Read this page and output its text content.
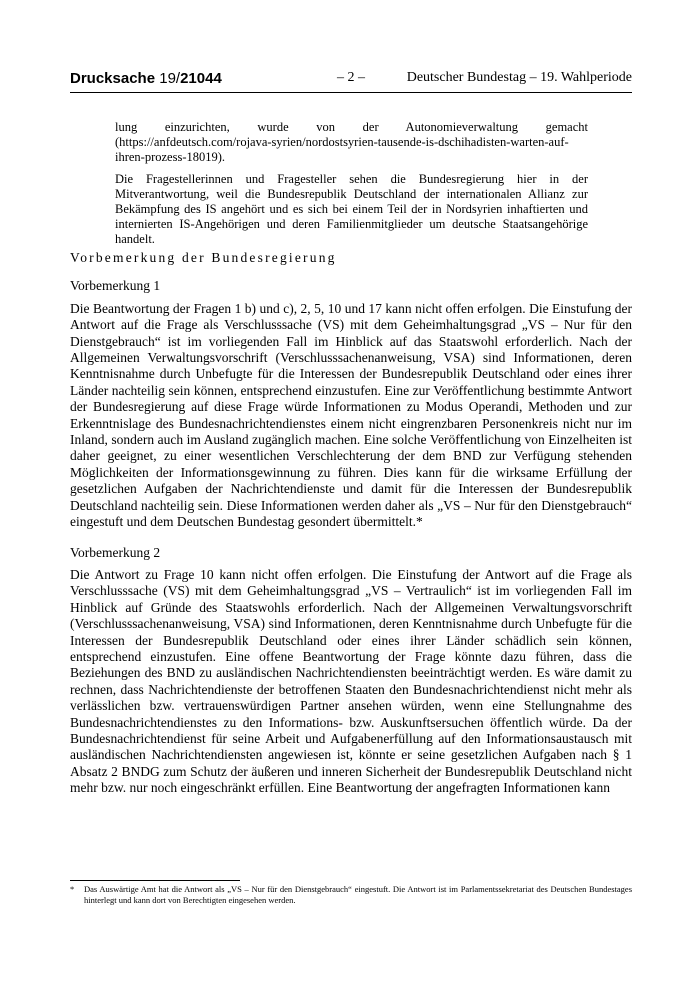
Drucksache 19/21044	– 2 –	Deutscher Bundestag – 19. Wahlperiode

lung einzurichten, wurde von der Autonomieverwaltung gemacht (https://anfdeutsch.com/rojava-syrien/nordostsyrien-tausende-is-dschihadisten-warten-auf-ihren-prozess-18019).

Die Fragestellerinnen und Fragesteller sehen die Bundesregierung hier in der Mitverantwortung, weil die Bundesrepublik Deutschland der internationalen Allianz zur Bekämpfung des IS angehört und es sich bei einem Teil der in Nordsyrien inhaftierten und internierten IS-Angehörigen und deren Familienmitglieder um deutsche Staatsangehörige handelt.

Vorbemerkung der Bundesregierung

Vorbemerkung 1

Die Beantwortung der Fragen 1 b) und c), 2, 5, 10 und 17 kann nicht offen erfolgen. Die Einstufung der Antwort auf die Frage als Verschlusssache (VS) mit dem Geheimhaltungsgrad „VS – Nur für den Dienstgebrauch“ ist im vorliegenden Fall im Hinblick auf das Staatswohl erforderlich. Nach der Allgemeinen Verwaltungsvorschrift (Verschlusssachenanweisung, VSA) sind Informationen, deren Kenntnisnahme durch Unbefugte für die Interessen der Bundesrepublik Deutschland oder eines ihrer Länder nachteilig sein können, entsprechend einzustufen. Eine zur Veröffentlichung bestimmte Antwort der Bundesregierung auf diese Frage würde Informationen zu Modus Operandi, Methoden und zur Erkenntnislage des Bundesnachrichtendienstes einem nicht eingrenzbaren Personenkreis nicht nur im Inland, sondern auch im Ausland zugänglich machen. Eine solche Veröffentlichung von Einzelheiten ist daher geeignet, zu einer wesentlichen Verschlechterung der dem BND zur Verfügung stehenden Möglichkeiten der Informationsgewinnung zu führen. Dies kann für die wirksame Erfüllung der gesetzlichen Aufgaben der Nachrichtendienste und damit für die Interessen der Bundesrepublik Deutschland nachteilig sein. Diese Informationen werden daher als „VS – Nur für den Dienstgebrauch“ eingestuft und dem Deutschen Bundestag gesondert übermittelt.*

Vorbemerkung 2

Die Antwort zu Frage 10 kann nicht offen erfolgen. Die Einstufung der Antwort auf die Frage als Verschlusssache (VS) mit dem Geheimhaltungsgrad „VS – Vertraulich“ ist im vorliegenden Fall im Hinblick auf Gründe des Staatswohls erforderlich. Nach der Allgemeinen Verwaltungsvorschrift (Verschlusssachenanweisung, VSA) sind Informationen, deren Kenntnisnahme durch Unbefugte für die Interessen der Bundesrepublik Deutschland oder eines ihrer Länder schädlich sein können, entsprechend einzustufen. Eine offene Beantwortung der Frage könnte dazu führen, dass die Beziehungen des BND zu ausländischen Nachrichtendiensten beeinträchtigt werden. Es wäre damit zu rechnen, dass Nachrichtendienste der betroffenen Staaten den Bundesnachrichtendienst nicht mehr als verlässlichen bzw. vertrauenswürdigen Partner ansehen würden, wenn eine Stellungnahme des Bundesnachrichtendienstes zu den Informations- bzw. Auskunftsersuchen öffentlich würde. Da der Bundesnachrichtendienst für seine Arbeit und Aufgabenerfüllung auf den Informationsaustausch mit ausländischen Nachrichtendiensten angewiesen ist, könnte er seine gesetzlichen Aufgaben nach § 1 Absatz 2 BNDG zum Schutz der äußeren und inneren Sicherheit der Bundesrepublik Deutschland nicht mehr bzw. nur noch eingeschränkt erfüllen. Eine Beantwortung der angefragten Informationen kann

* Das Auswärtige Amt hat die Antwort als „VS – Nur für den Dienstgebrauch“ eingestuft. Die Antwort ist im Parlamentssekretariat des Deutschen Bundestages hinterlegt und kann dort von Berechtigten eingesehen werden.
